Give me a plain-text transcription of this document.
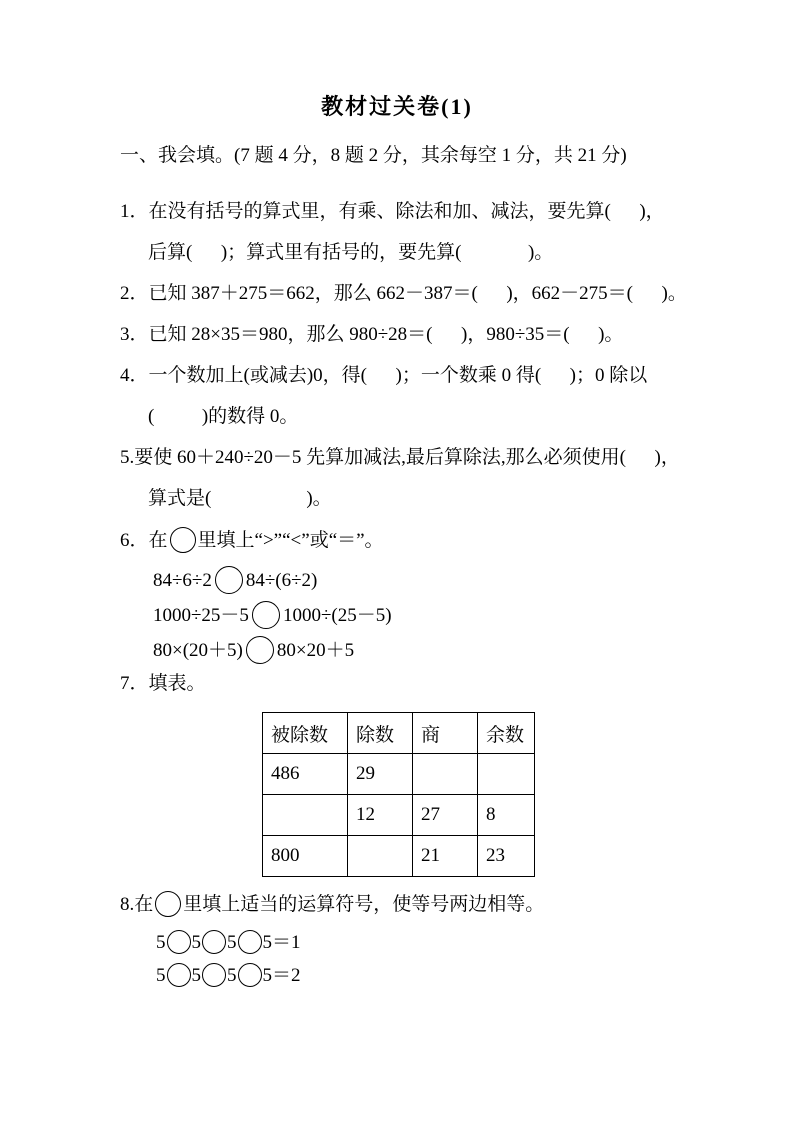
教材过关卷(1)
一、我会填。(7 题 4 分，8 题 2 分，其余每空 1 分，共 21 分)
1．在没有括号的算式里，有乘、除法和加、减法，要先算(      )，
后算(      )；算式里有括号的，要先算(              )。
2．已知 387＋275＝662，那么 662－387＝(      )，662－275＝(      )。
3．已知 28×35＝980，那么 980÷28＝(      )，980÷35＝(      )。
4．一个数加上(或减去)0，得(      )；一个数乘 0 得(      )；0 除以
(          )的数得 0。
5.要使 60＋240÷20－5 先算加减法,最后算除法,那么必须使用(      )，
算式是(                    )。
6．在 里填上“>”“<”或“＝”。
84÷6÷2 84÷(6÷2)
1000÷25－5 1000÷(25－5)
80×(20＋5) 80×20＋5
7．填表。
被除数	除数	商	余数
486	29		
	12	27	8
800		21	23
8.在 里填上适当的运算符号，使等号两边相等。
5 5 5 5＝1
5 5 5 5＝2
